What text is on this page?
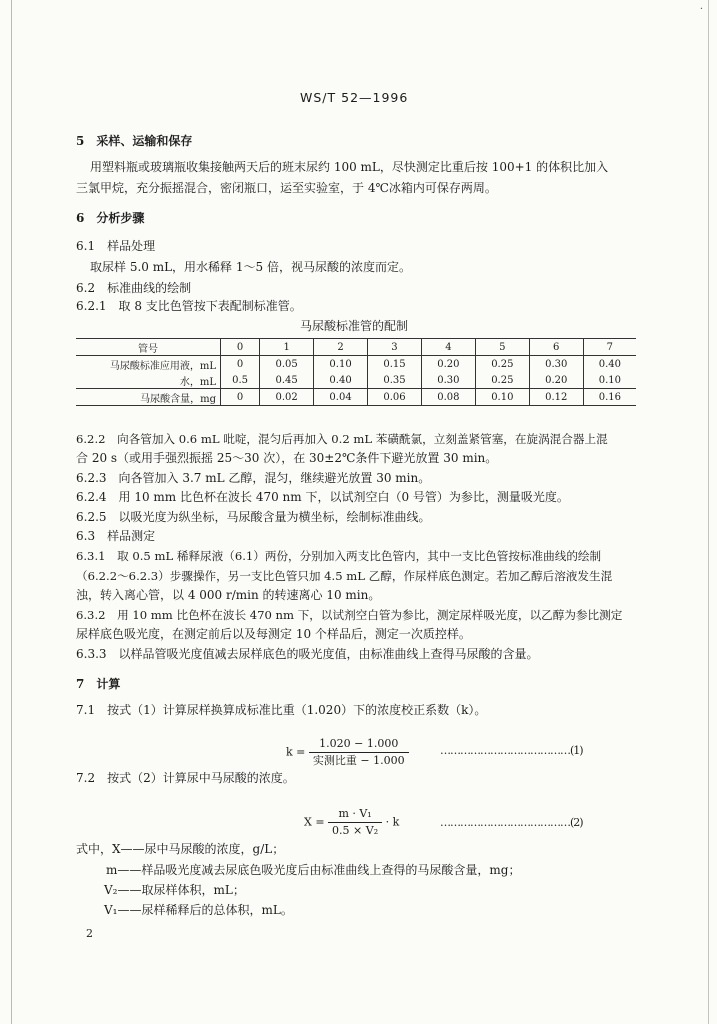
·
WS/T 52—1996
5　采样、运输和保存
用塑料瓶或玻璃瓶收集接触两天后的班末尿约 100 mL，尽快测定比重后按 100+1 的体积比加入
三氯甲烷，充分振摇混合，密闭瓶口，运至实验室，于 4℃冰箱内可保存两周。
6　分析步骤
6.1　样品处理
取尿样 5.0 mL，用水稀释 1～5 倍，视马尿酸的浓度而定。
6.2　标准曲线的绘制
6.2.1　取 8 支比色管按下表配制标准管。
马尿酸标准管的配制
管号	0	1	2	3	4	5	6	7
马尿酸标准应用液，mL	0	0.05	0.10	0.15	0.20	0.25	0.30	0.40
水，mL	0.5	0.45	0.40	0.35	0.30	0.25	0.20	0.10
马尿酸含量，mg	0	0.02	0.04	0.06	0.08	0.10	0.12	0.16
6.2.2　向各管加入 0.6 mL 吡啶，混匀后再加入 0.2 mL 苯磺酰氯，立刻盖紧管塞，在旋涡混合器上混
合 20 s（或用手强烈振摇 25～30 次），在 30±2℃条件下避光放置 30 min。
6.2.3　向各管加入 3.7 mL 乙醇，混匀，继续避光放置 30 min。
6.2.4　用 10 mm 比色杯在波长 470 nm 下，以试剂空白（0 号管）为参比，测量吸光度。
6.2.5　以吸光度为纵坐标，马尿酸含量为横坐标，绘制标准曲线。
6.3　样品测定
6.3.1　取 0.5 mL 稀释尿液（6.1）两份，分别加入两支比色管内，其中一支比色管按标准曲线的绘制
（6.2.2～6.2.3）步骤操作，另一支比色管只加 4.5 mL 乙醇，作尿样底色测定。若加乙醇后溶液发生混
浊，转入离心管，以 4 000 r/min 的转速离心 10 min。
6.3.2　用 10 mm 比色杯在波长 470 nm 下，以试剂空白管为参比，测定尿样吸光度，以乙醇为参比测定
尿样底色吸光度，在测定前后以及每测定 10 个样品后，测定一次质控样。
6.3.3　以样品管吸光度值减去尿样底色的吸光度值，由标准曲线上查得马尿酸的含量。
7　计算
7.1　按式（1）计算尿样换算成标准比重（1.020）下的浓度校正系数（k）。
$k = \frac{1.020 - 1.000}{\text{实测比重 − 1.000}}$	…………………………………(1)
7.2　按式（2）计算尿中马尿酸的浓度。
$X = \frac{\text{m · V₁}}{\text{0.5 × V₂}} \cdot k$	…………………………………(2)
式中，X——尿中马尿酸的浓度，g/L；
m——样品吸光度减去尿底色吸光度后由标准曲线上查得的马尿酸含量，mg；
V₂——取尿样体积，mL；
V₁——尿样稀释后的总体积，mL。
2
